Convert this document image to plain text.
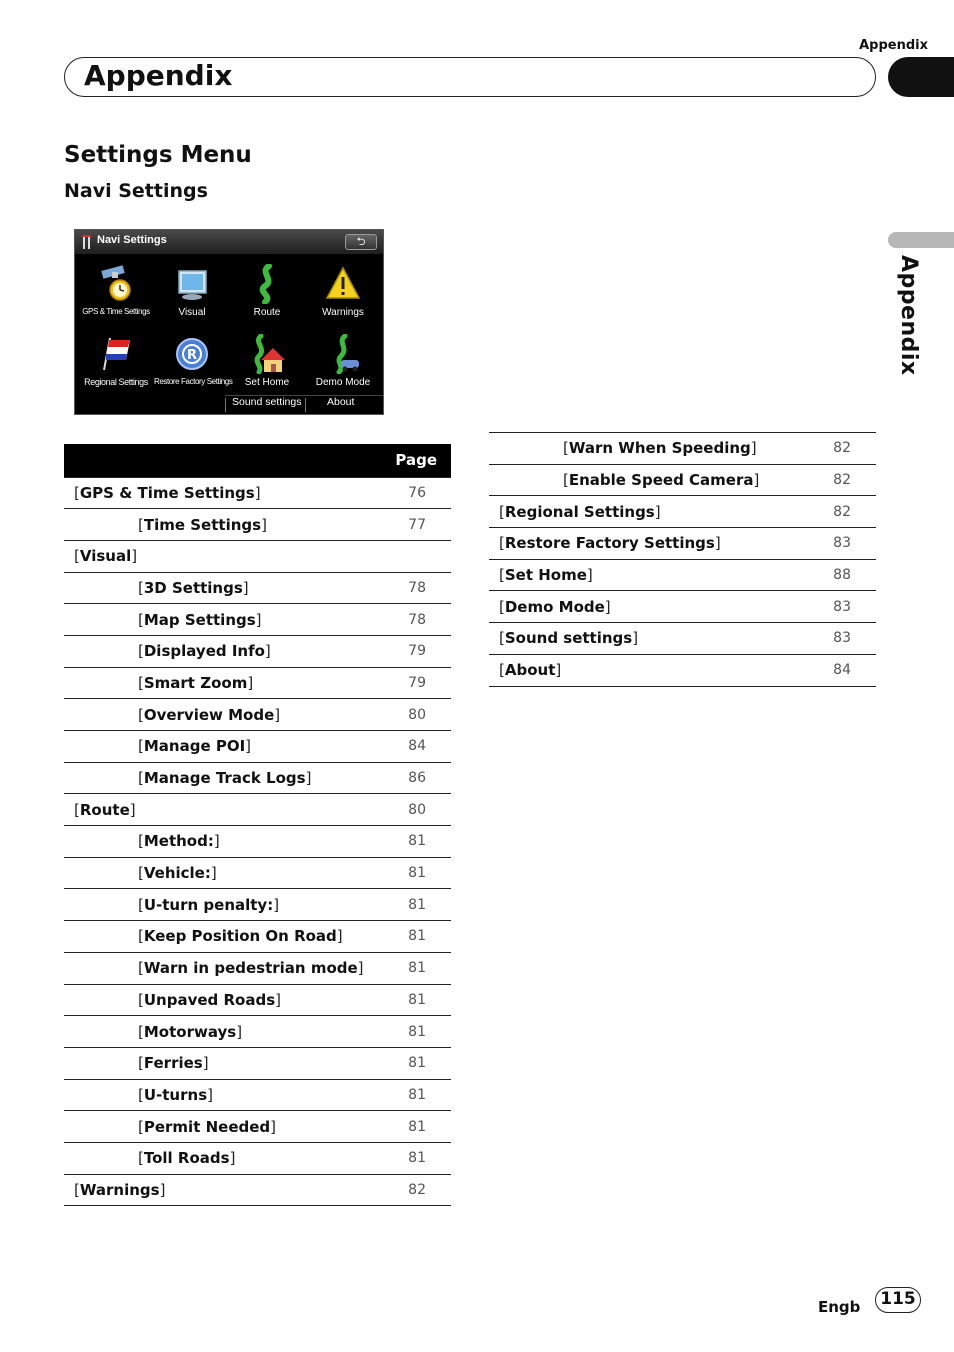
Appendix
Appendix
Appendix
Settings Menu
Navi Settings
Navi Settings	⮌
GPS & Time Settings	Visual	Route	Warnings
Regional Settings
R
Restore Factory Settings	Set Home	Demo Mode
Sound settings About
Page	
[GPS & Time Settings]	76
[Time Settings]	77
[Visual]	
[3D Settings]	78
[Map Settings]	78
[Displayed Info]	79
[Smart Zoom]	79
[Overview Mode]	80
[Manage POI]	84
[Manage Track Logs]	86
[Route]	80
[Method:]	81
[Vehicle:]	81
[U-turn penalty:]	81
[Keep Position On Road]	81
[Warn in pedestrian mode]	81
[Unpaved Roads]	81
[Motorways]	81
[Ferries]	81
[U-turns]	81
[Permit Needed]	81
[Toll Roads]	81
[Warnings]	82
[Warn When Speeding]	82
[Enable Speed Camera]	82
[Regional Settings]	82
[Restore Factory Settings]	83
[Set Home]	88
[Demo Mode]	83
[Sound settings]	83
[About]	84
Engb	115
